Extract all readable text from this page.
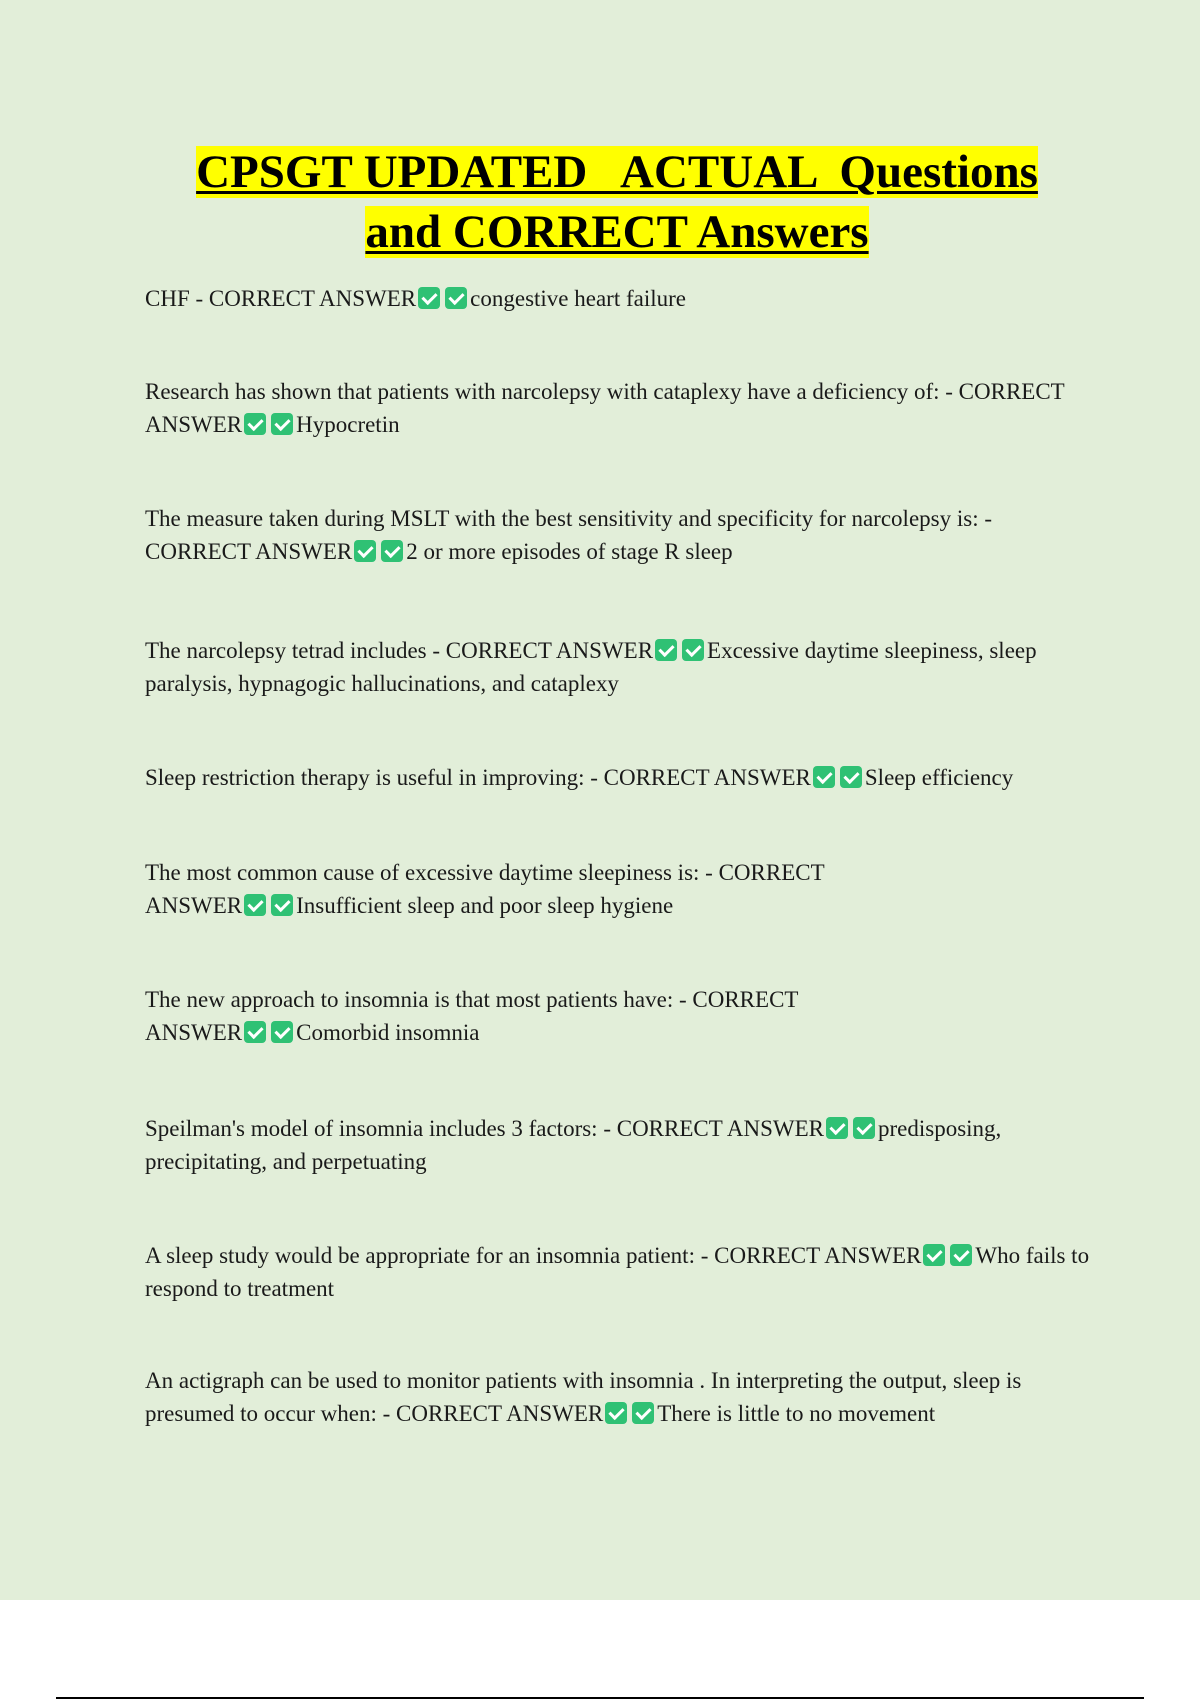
CPSGT UPDATED   ACTUAL  Questions
and CORRECT Answers

CHF - CORRECT ANSWER congestive heart failure

Research has shown that patients with narcolepsy with cataplexy have a deficiency of: - CORRECT ANSWER Hypocretin

The measure taken during MSLT with the best sensitivity and specificity for narcolepsy is: - CORRECT ANSWER 2 or more episodes of stage R sleep

The narcolepsy tetrad includes - CORRECT ANSWER Excessive daytime sleepiness, sleep paralysis, hypnagogic hallucinations, and cataplexy

Sleep restriction therapy is useful in improving: - CORRECT ANSWER Sleep efficiency

The most common cause of excessive daytime sleepiness is: - CORRECT ANSWER Insufficient sleep and poor sleep hygiene

The new approach to insomnia is that most patients have: - CORRECT ANSWER Comorbid insomnia

Speilman's model of insomnia includes 3 factors: - CORRECT ANSWER predisposing, precipitating, and perpetuating

A sleep study would be appropriate for an insomnia patient: - CORRECT ANSWER Who fails to respond to treatment

An actigraph can be used to monitor patients with insomnia . In interpreting the output, sleep is presumed to occur when: - CORRECT ANSWER There is little to no movement
